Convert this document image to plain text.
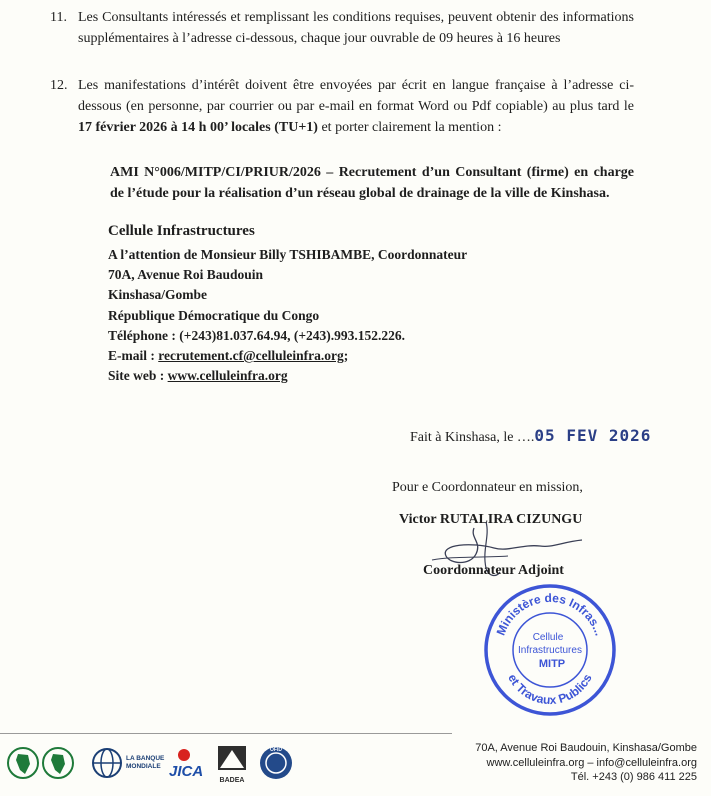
11. Les Consultants intéressés et remplissant les conditions requises, peuvent obtenir des informations supplémentaires à l’adresse ci-dessous, chaque jour ouvrable de 09 heures à 16 heures
12. Les manifestations d’intérêt doivent être envoyées par écrit en langue française à l’adresse ci-dessous (en personne, par courrier ou par e-mail en format Word ou Pdf copiable) au plus tard le 17 février 2026 à 14 h 00’ locales (TU+1) et porter clairement la mention :
AMI N°006/MITP/CI/PRIUR/2026 – Recrutement d’un Consultant (firme) en charge de l’étude pour la réalisation d’un réseau global de drainage de la ville de Kinshasa.
Cellule Infrastructures
A l’attention de Monsieur Billy TSHIBAMBE, Coordonnateur
70A, Avenue Roi Baudouin
Kinshasa/Gombe
République Démocratique du Congo
Téléphone : (+243)81.037.64.94, (+243).993.152.226.
E-mail : recrutement.cf@celluleinfra.org;
Site web : www.celluleinfra.org
Fait à Kinshasa, le ….05 FEV 2026
Pour e Coordonnateur en mission,
Victor RUTALIRA CIZUNGU
Coordonnateur Adjoint
Ministère des Infras...
et Travaux Publics
Cellule
Infrastructures
MITP
LA BANQUE
MONDIALE JICA
BADEA
OFID	70A, Avenue Roi Baudouin, Kinshasa/Gombe
www.celluleinfra.org – info@celluleinfra.org
Tél. +243 (0) 986 411 225
